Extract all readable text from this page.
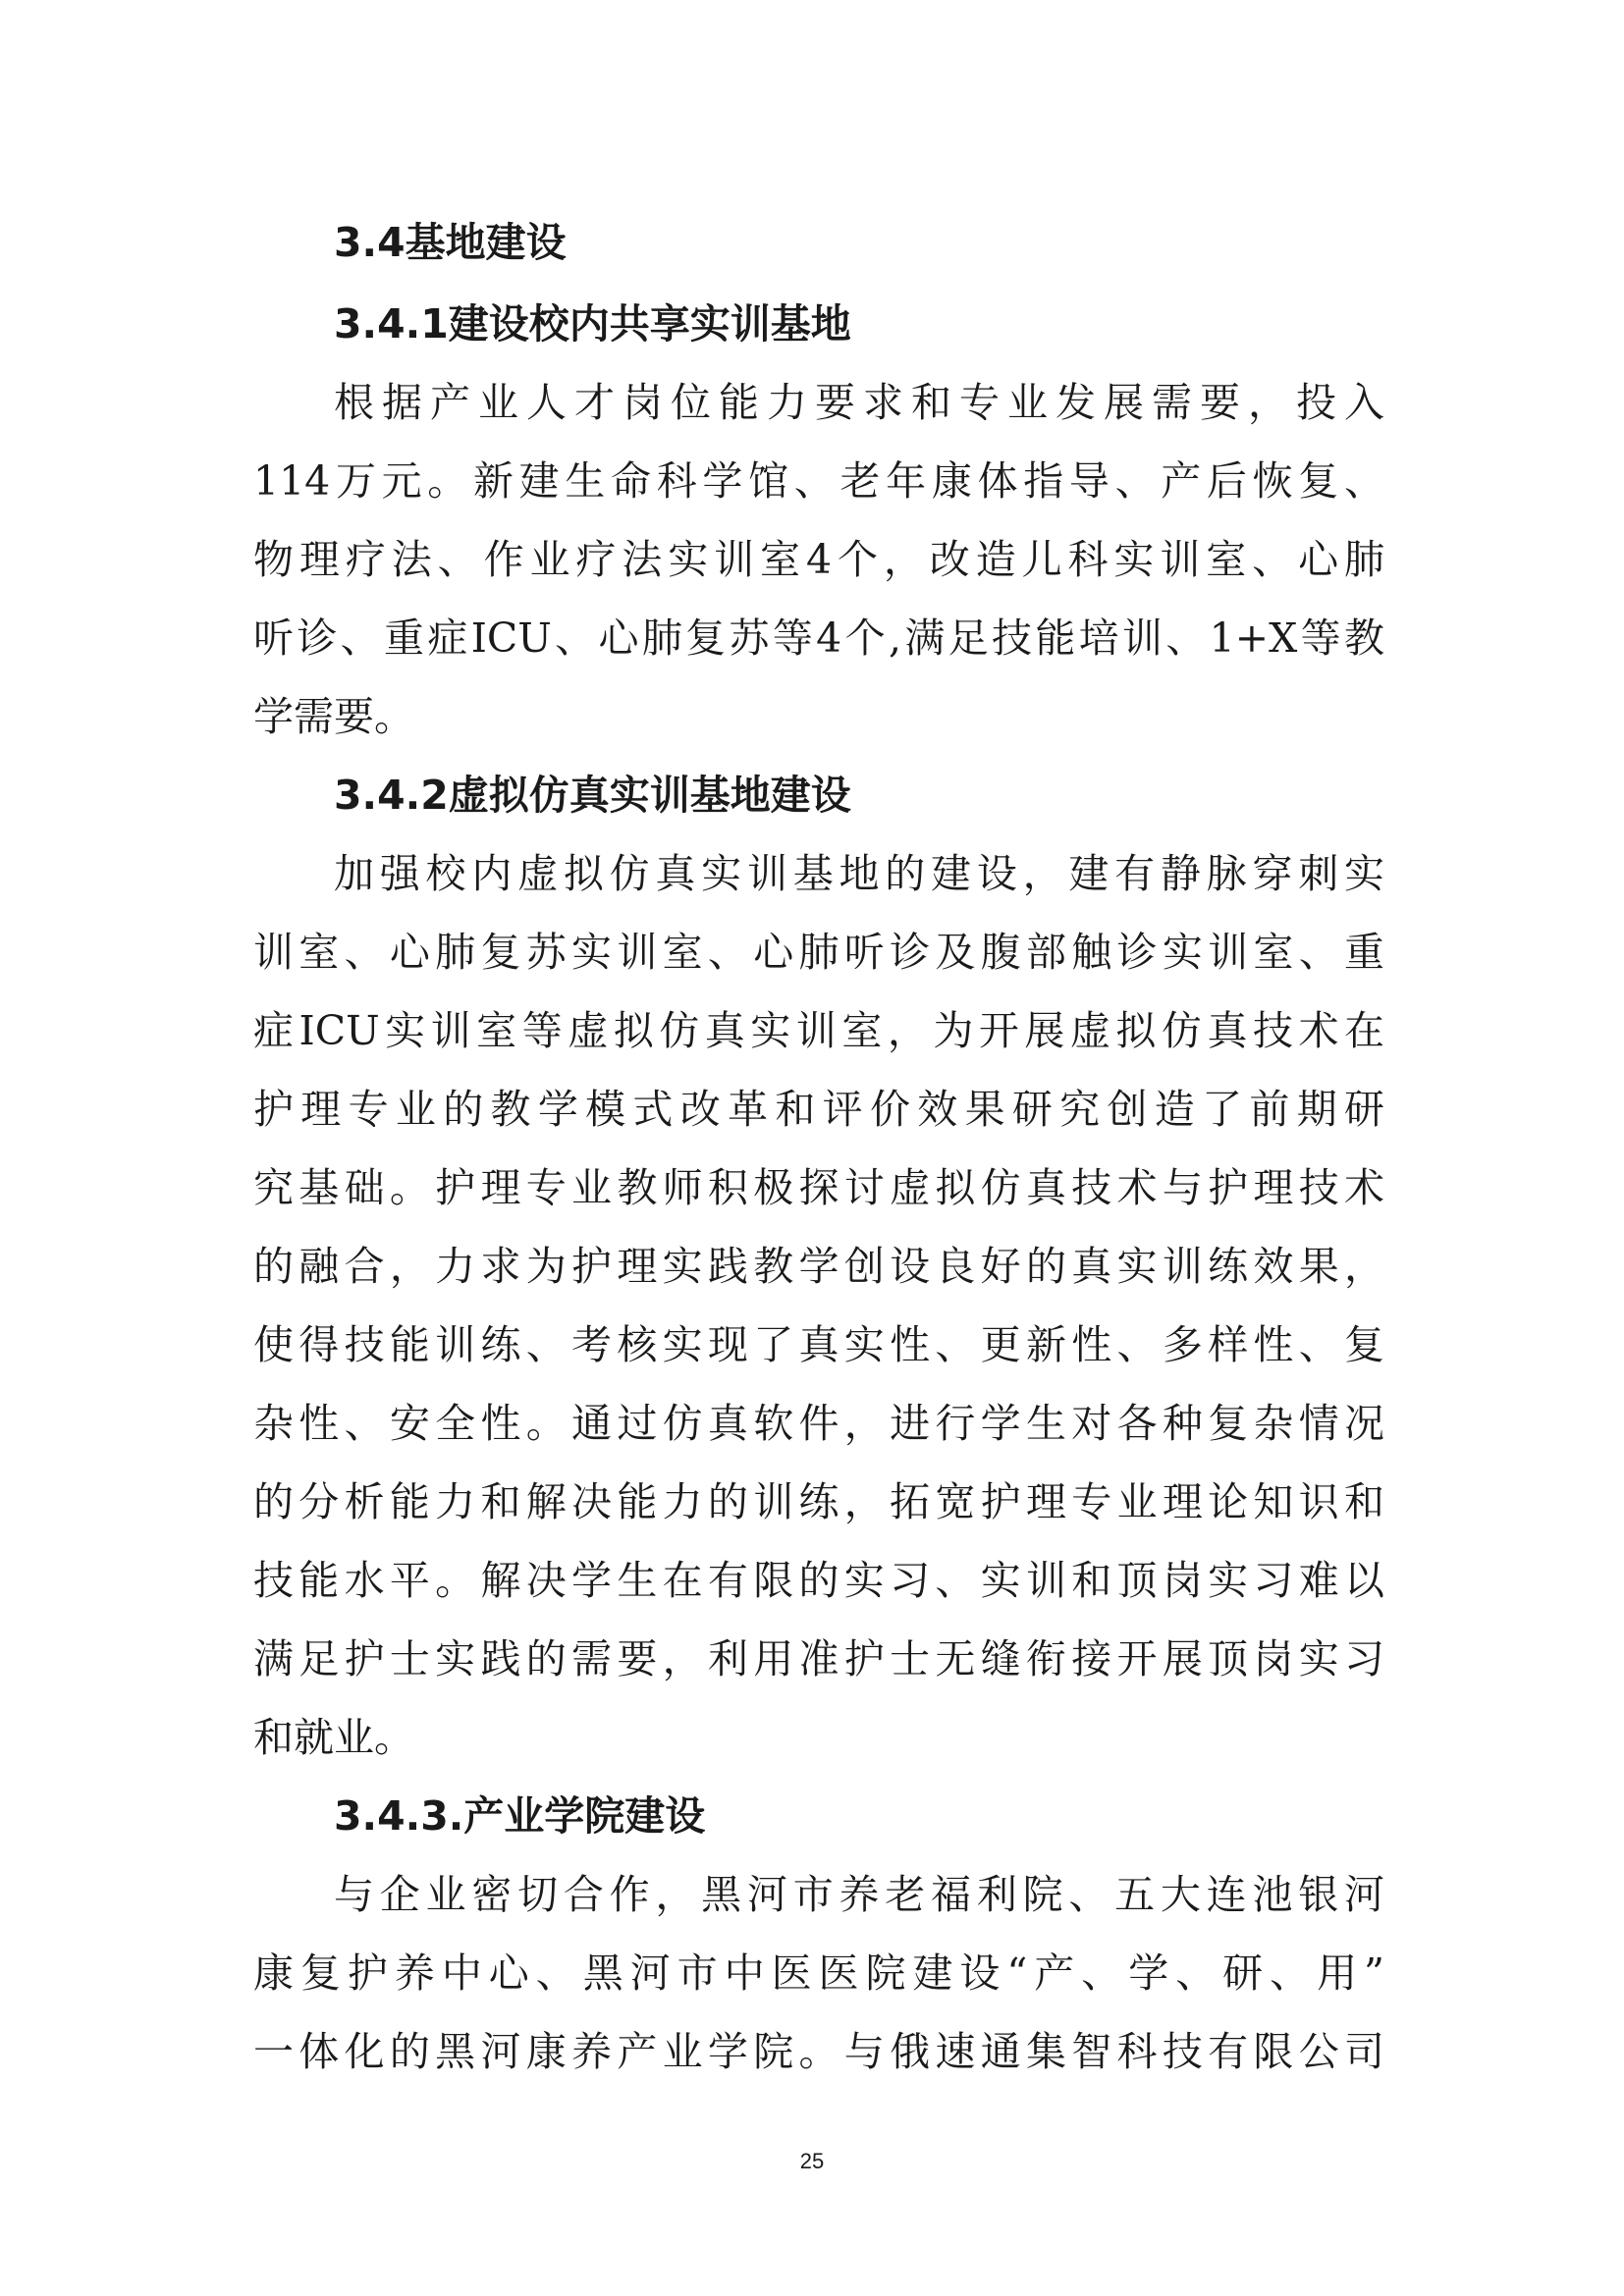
3.4基地建设
3.4.1建设校内共享实训基地
根据产业人才岗位能力要求和专业发展需要，投入
114万元。新建生命科学馆、老年康体指导、产后恢复、
物理疗法、作业疗法实训室4个，改造儿科实训室、心肺
听诊、重症ICU、心肺复苏等4个,满足技能培训、1+X等教
学需要。
3.4.2虚拟仿真实训基地建设
加强校内虚拟仿真实训基地的建设，建有静脉穿刺实
训室、心肺复苏实训室、心肺听诊及腹部触诊实训室、重
症ICU实训室等虚拟仿真实训室，为开展虚拟仿真技术在
护理专业的教学模式改革和评价效果研究创造了前期研
究基础。护理专业教师积极探讨虚拟仿真技术与护理技术
的融合，力求为护理实践教学创设良好的真实训练效果，
使得技能训练、考核实现了真实性、更新性、多样性、复
杂性、安全性。通过仿真软件，进行学生对各种复杂情况
的分析能力和解决能力的训练，拓宽护理专业理论知识和
技能水平。解决学生在有限的实习、实训和顶岗实习难以
满足护士实践的需要，利用准护士无缝衔接开展顶岗实习
和就业。
3.4.3.产业学院建设
与企业密切合作，黑河市养老福利院、五大连池银河
康复护养中心、黑河市中医医院建设“产、学、研、用”
一体化的黑河康养产业学院。与俄速通集智科技有限公司
25
